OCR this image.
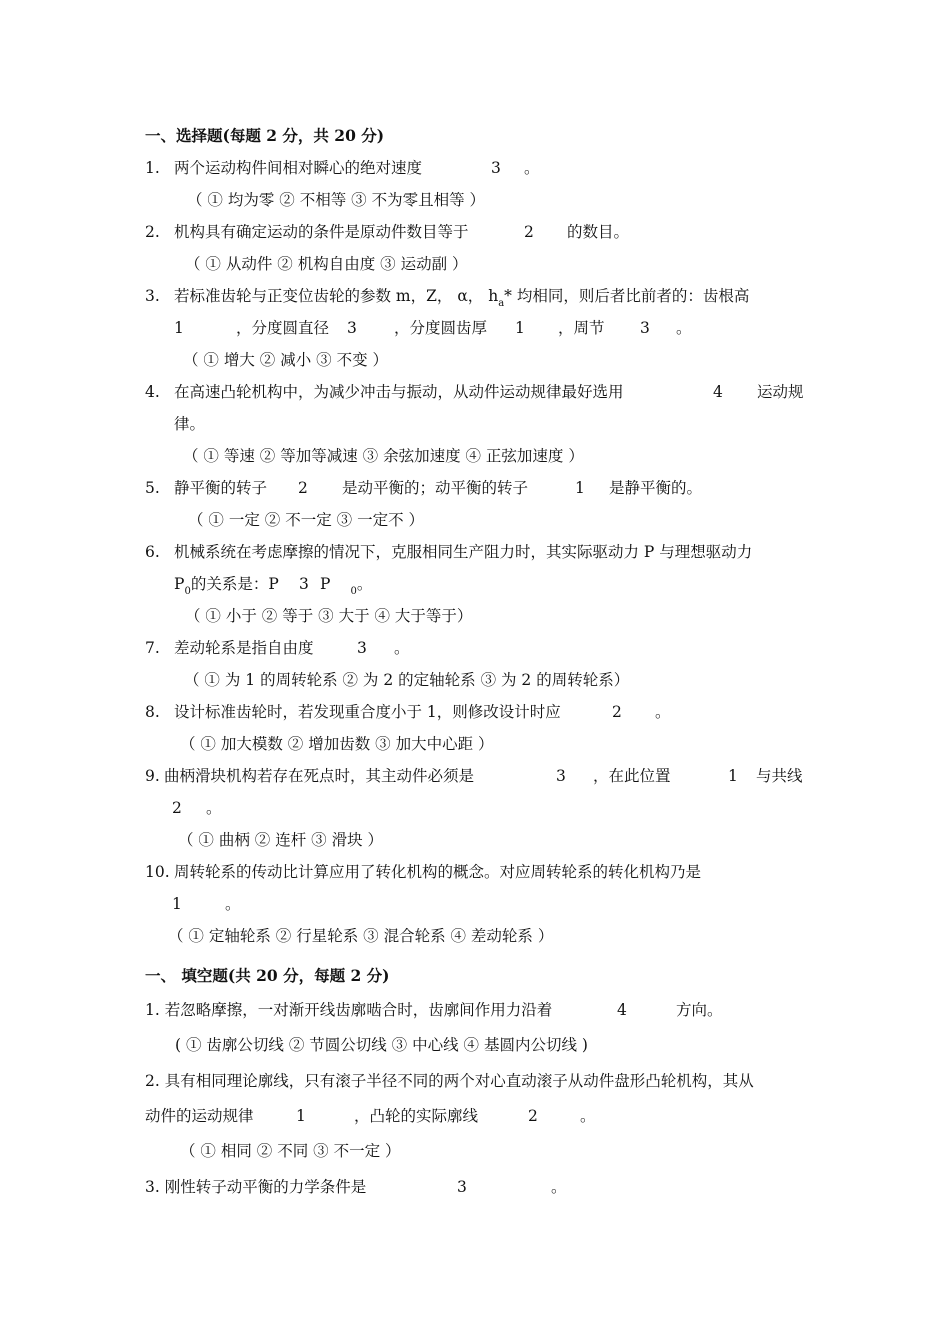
一、选择题(每题 2 分，共 20 分)
1. 两个运动构件间相对瞬心的绝对速度	3 。
（ ① 均为零 ② 不相等 ③ 不为零且相等 ）
2. 机构具有确定运动的条件是原动件数目等于	2 的数目。
（ ① 从动件 ② 机构自由度 ③ 运动副 ）
3. 若标准齿轮与正变位齿轮的参数 m，Z， α， $h_a*$ 均相同，则后者比前者的：齿根高
1	，分度圆直径 3 ，分度圆齿厚 1 ，周节 3 。
（ ① 增大 ② 减小 ③ 不变 ）
4. 在高速凸轮机构中，为减少冲击与振动，从动件运动规律最好选用	4 运动规
律。
（ ① 等速 ② 等加等减速 ③ 余弦加速度 ④ 正弦加速度 ）
5. 静平衡的转子 2 是动平衡的；动平衡的转子	1 是静平衡的。
（ ① 一定 ② 不一定 ③ 一定不 ）
6. 机械系统在考虑摩擦的情况下，克服相同生产阻力时，其实际驱动力 P 与理想驱动力
$P_0$的关系是：P 3 P $_0$。
（ ① 小于 ② 等于 ③ 大于 ④ 大于等于）
7. 差动轮系是指自由度	3 。
（ ① 为 1 的周转轮系 ② 为 2 的定轴轮系 ③ 为 2 的周转轮系）
8. 设计标准齿轮时，若发现重合度小于 1，则修改设计时应	2 。
（ ① 加大模数 ② 增加齿数 ③ 加大中心距 ）
9. 曲柄滑块机构若存在死点时，其主动件必须是	3 ，在此位置	1 与共线
2 。
（ ① 曲柄 ② 连杆 ③ 滑块 ）
10. 周转轮系的传动比计算应用了转化机构的概念。对应周转轮系的转化机构乃是
1	。
（ ① 定轴轮系 ② 行星轮系 ③ 混合轮系 ④ 差动轮系 ）
一、 填空题(共 20 分，每题 2 分)
1. 若忽略摩擦，一对渐开线齿廓啮合时，齿廓间作用力沿着	4	方向。
( ① 齿廓公切线 ② 节圆公切线 ③ 中心线 ④ 基圆内公切线 )
2. 具有相同理论廓线，只有滚子半径不同的两个对心直动滚子从动件盘形凸轮机构，其从
动件的运动规律	1	，凸轮的实际廓线	2	。
（ ① 相同 ② 不同 ③ 不一定 ）
3. 刚性转子动平衡的力学条件是	3	。
